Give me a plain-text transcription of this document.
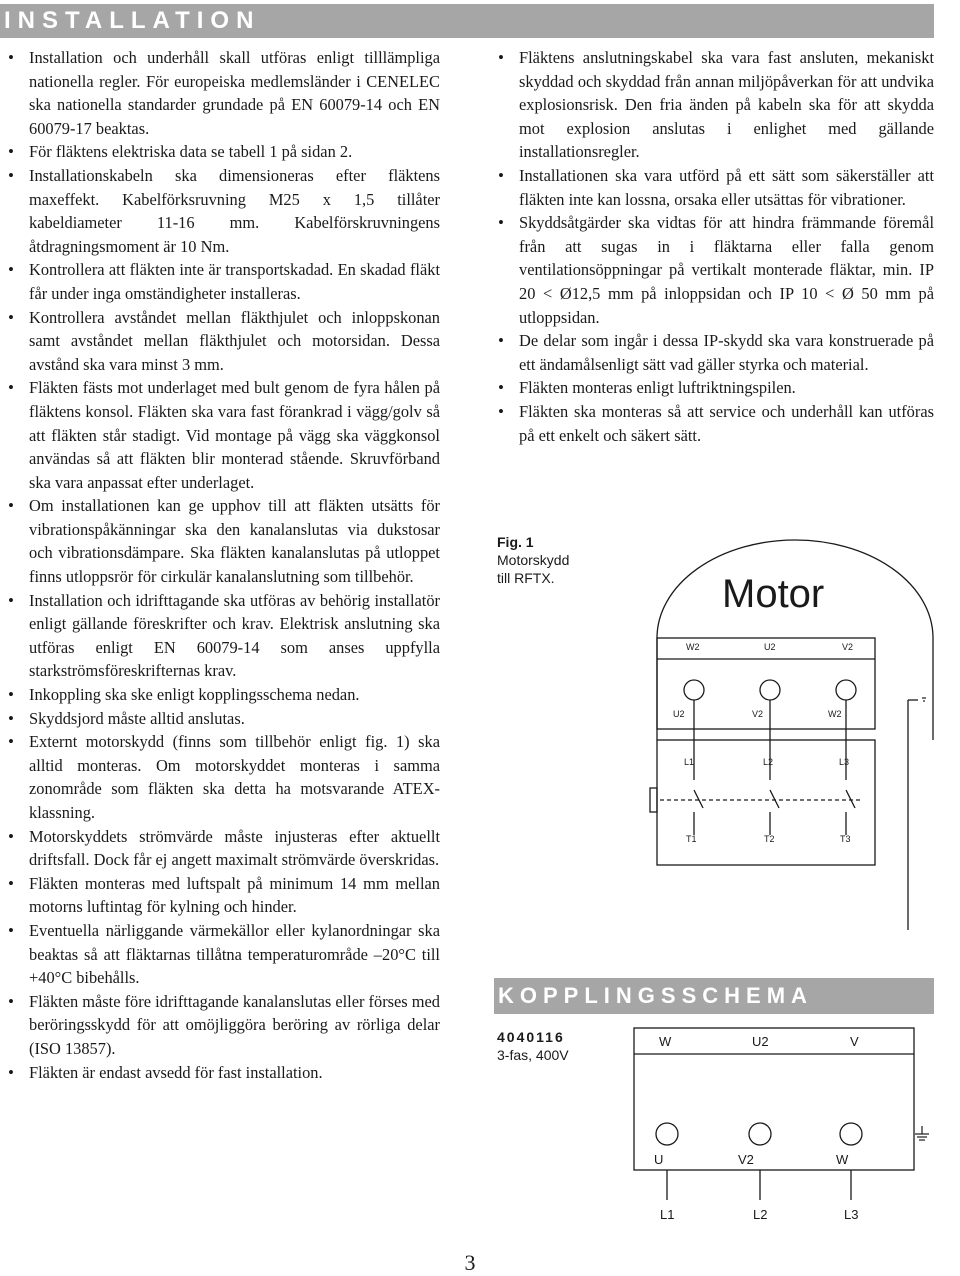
INSTALLATION
• Installation och underhåll skall utföras enligt tilllämpliga nationella regler. För europeiska medlemsländer i CENELEC ska nationella standarder grundade på EN 60079-14 och EN 60079-17 beaktas.
• För fläktens elektriska data se tabell 1 på sidan 2.
• Installationskabeln ska dimensioneras efter fläktens maxeffekt. Kabelförksruvning M25 x 1,5 tillåter kabeldiameter 11-16 mm. Kabelförskruvningens åtdragningsmoment är 10 Nm.
• Kontrollera att fläkten inte är transportskadad. En skadad fläkt får under inga omständigheter installeras.
• Kontrollera avståndet mellan fläkthjulet och inloppskonan samt avståndet mellan fläkthjulet och motorsidan. Dessa avstånd ska vara minst 3 mm.
• Fläkten fästs mot underlaget med bult genom de fyra hålen på fläktens konsol. Fläkten ska vara fast förankrad i vägg/golv så att fläkten står stadigt. Vid montage på vägg ska väggkonsol användas så att fläkten blir monterad stående. Skruvförband ska vara anpassat efter underlaget.
• Om installationen kan ge upphov till att fläkten utsätts för vibrationspåkänningar ska den kanalanslutas via dukstosar och vibrationsdämpare. Ska fläkten kanalanslutas på utloppet finns utloppsrör för cirkulär kanalanslutning som tillbehör.
• Installation och idrifttagande ska utföras av behörig installatör enligt gällande föreskrifter och krav. Elektrisk anslutning ska utföras enligt EN 60079-14 som anses uppfylla starkströmsföreskrifternas krav.
• Inkoppling ska ske enligt kopplingsschema nedan.
• Skyddsjord måste alltid anslutas.
• Externt motorskydd (finns som tillbehör enligt fig. 1) ska alltid monteras. Om motorskyddet monteras i samma zonområde som fläkten ska detta ha motsvarande ATEX-klassning.
• Motorskyddets strömvärde måste injusteras efter aktuellt driftsfall. Dock får ej angett maximalt strömvärde överskridas.
• Fläkten monteras med luftspalt på minimum 14 mm mellan motorns luftintag för kylning och hinder.
• Eventuella närliggande värmekällor eller kylanordningar ska beaktas så att fläktarnas tillåtna temperaturområde –20°C till +40°C bibehålls.
• Fläkten måste före idrifttagande kanalanslutas eller förses med beröringsskydd för att omöjliggöra beröring av rörliga delar (ISO 13857).
• Fläkten är endast avsedd för fast installation.
• Fläktens anslutningskabel ska vara fast ansluten, mekaniskt skyddad och skyddad från annan miljöpåverkan för att undvika explosionsrisk. Den fria änden på kabeln ska för att skydda mot explosion anslutas i enlighet med gällande installationsregler.
• Installationen ska vara utförd på ett sätt som säkerställer att fläkten inte kan lossna, orsaka eller utsättas för vibrationer.
• Skyddsåtgärder ska vidtas för att hindra främmande föremål från att sugas in i fläktarna eller falla genom ventilationsöppningar på vertikalt monterade fläktar, min. IP 20 < Ø12,5 mm på inloppsidan och IP 10 < Ø 50 mm på utloppsidan.
• De delar som ingår i dessa IP-skydd ska vara konstruerade på ett ändamålsenligt sätt vad gäller styrka och material.
• Fläkten monteras enligt luftriktningspilen.
• Fläkten ska monteras så att service och underhåll kan utföras på ett enkelt och säkert sätt.
Fig. 1
Motorskydd
till RFTX.
KOPPLINGSSCHEMA
4040116
3-fas, 400V
Motor
W2	U2	V2
U2	V2	W2
L1	L2	L3
T1	T2	T3
W	U2	V
U	V2	W
L1	L2	L3
3
